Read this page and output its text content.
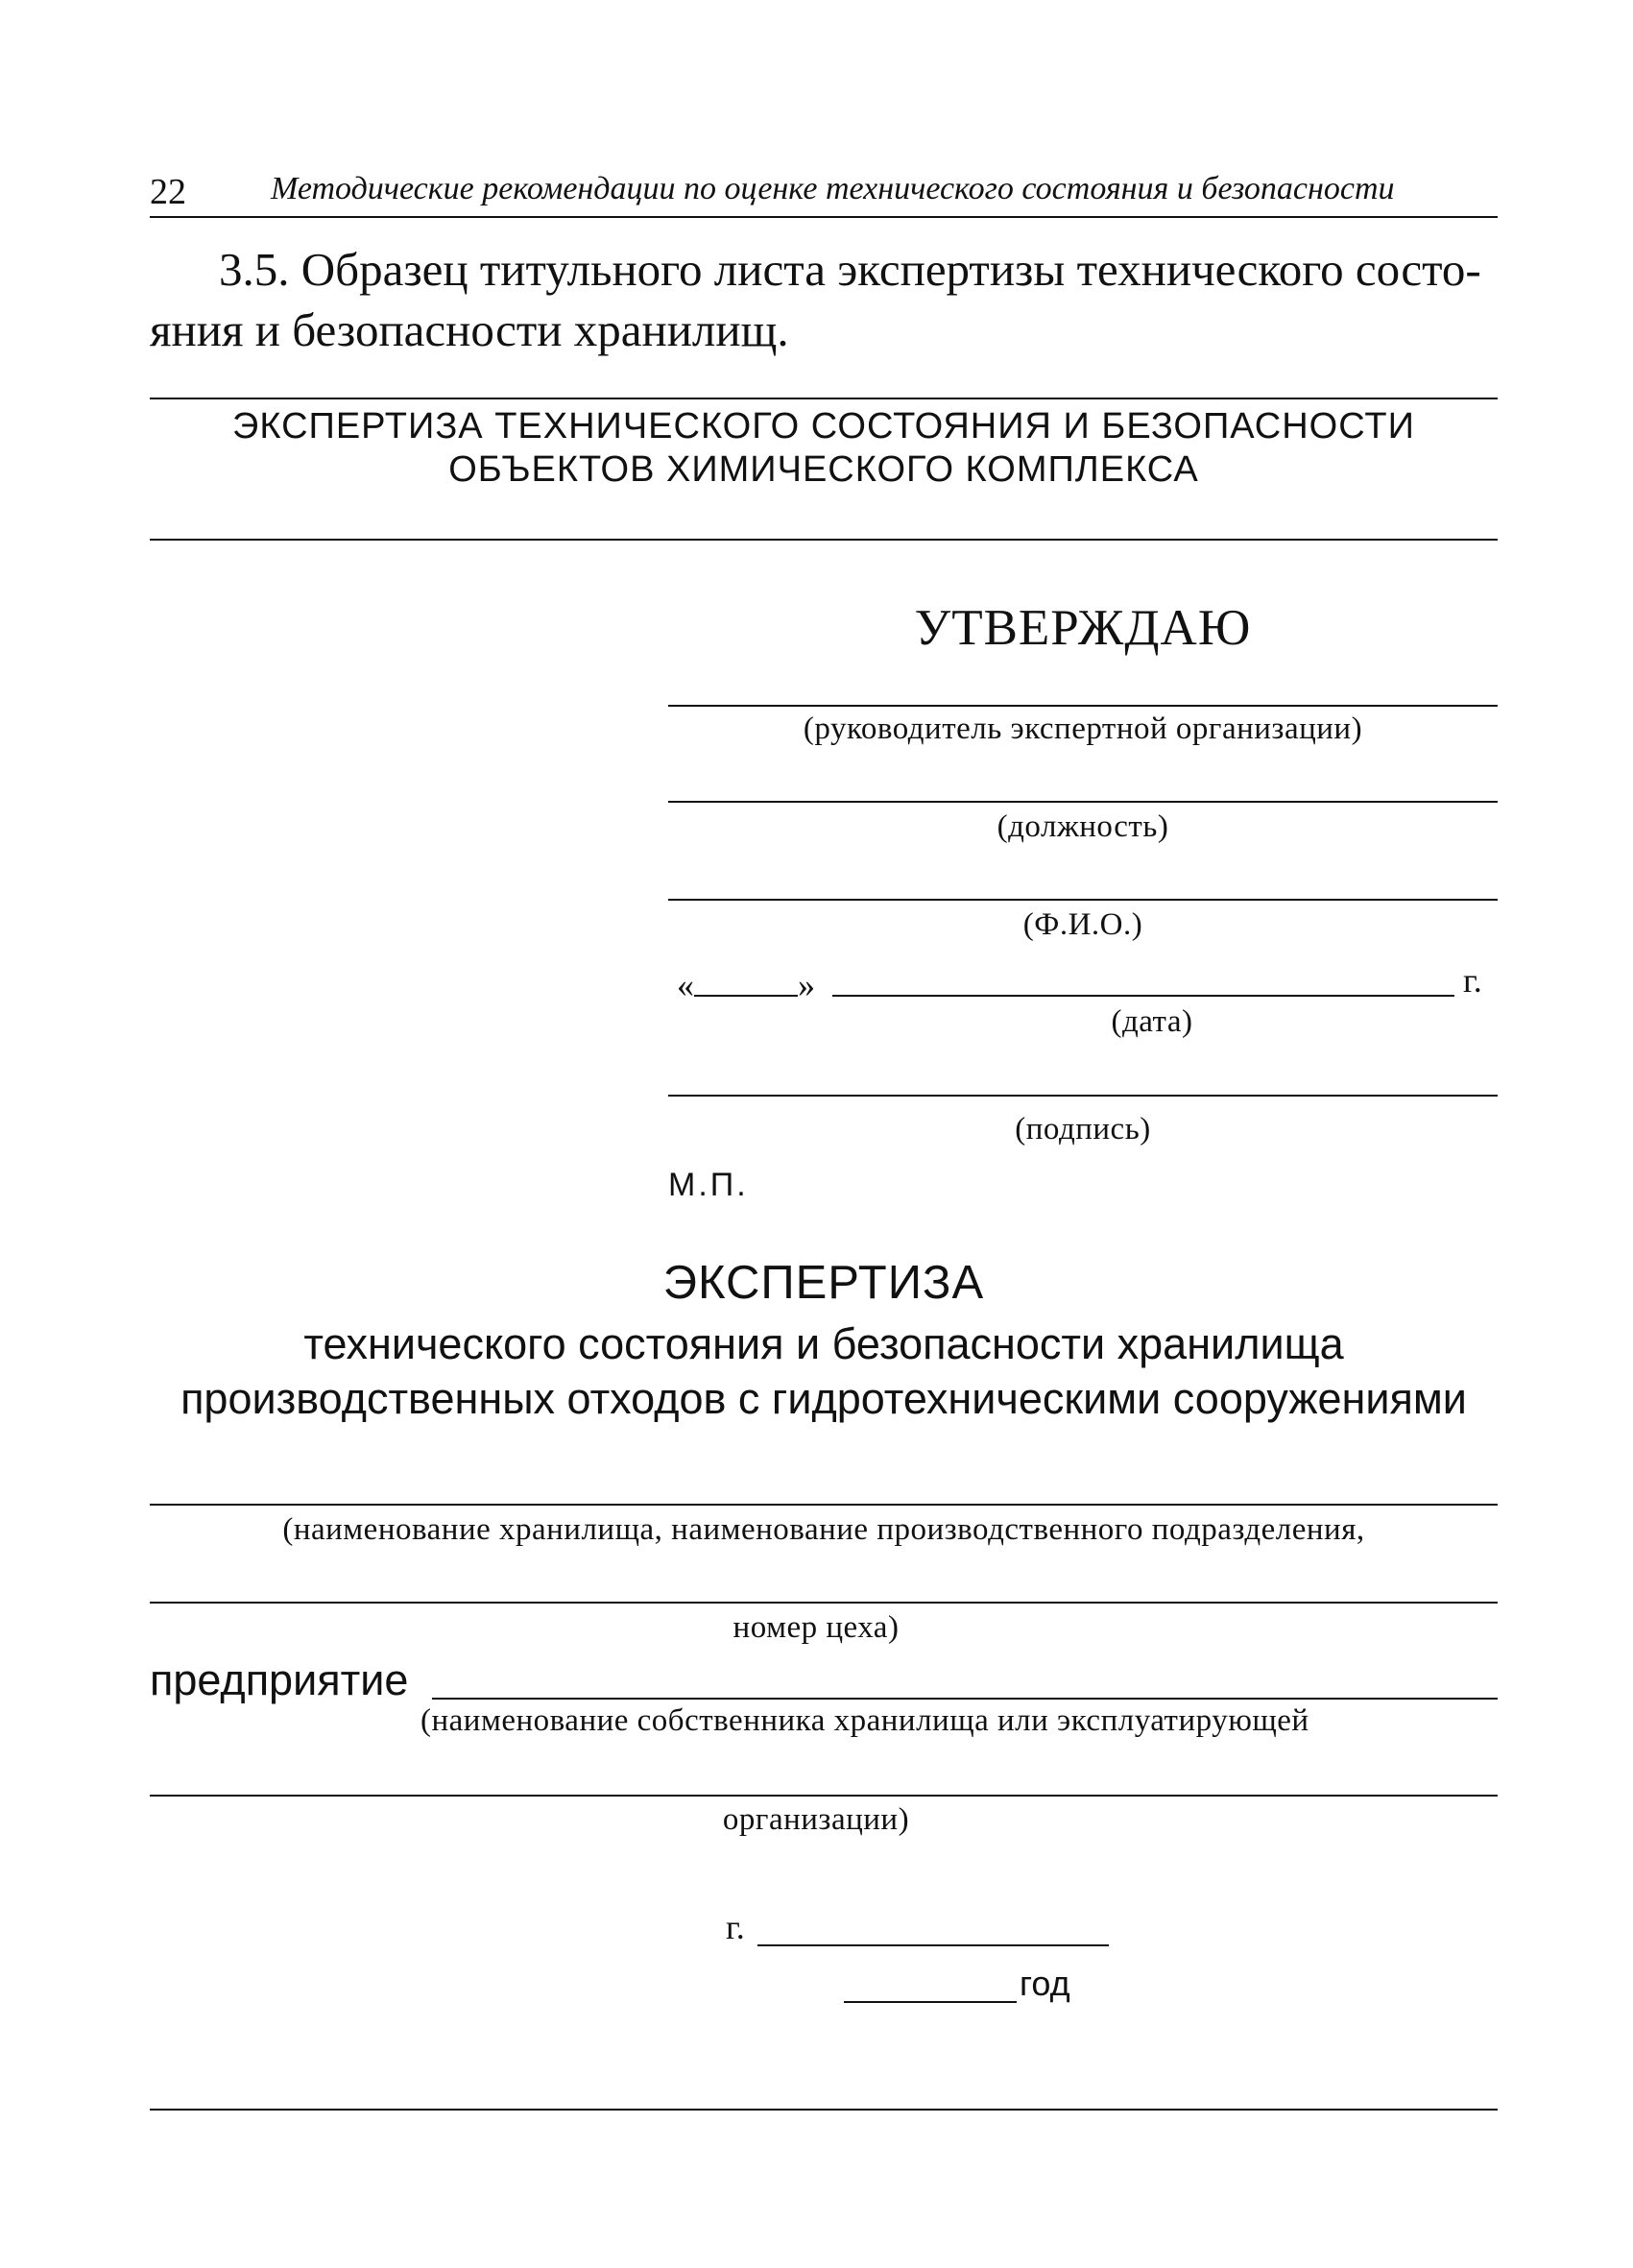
22	Методические рекомендации по оценке технического состояния и безопасности
3.5. Образец титульного листа экспертизы технического состо-
яния и безопасности хранилищ.
ЭКСПЕРТИЗА ТЕХНИЧЕСКОГО СОСТОЯНИЯ И БЕЗОПАСНОСТИ
ОБЪЕКТОВ ХИМИЧЕСКОГО КОМПЛЕКСА
УТВЕРЖДАЮ
(руководитель экспертной организации)
(должность)
(Ф.И.О.)
«	»	г.
(дата)
(подпись)
М.П.
ЭКСПЕРТИЗА
технического состояния и безопасности хранилища
производственных отходов с гидротехническими сооружениями
(наименование хранилища, наименование производственного подразделения,
номер цеха)
предприятие
(наименование собственника хранилища или эксплуатирующей
организации)
г.
год
